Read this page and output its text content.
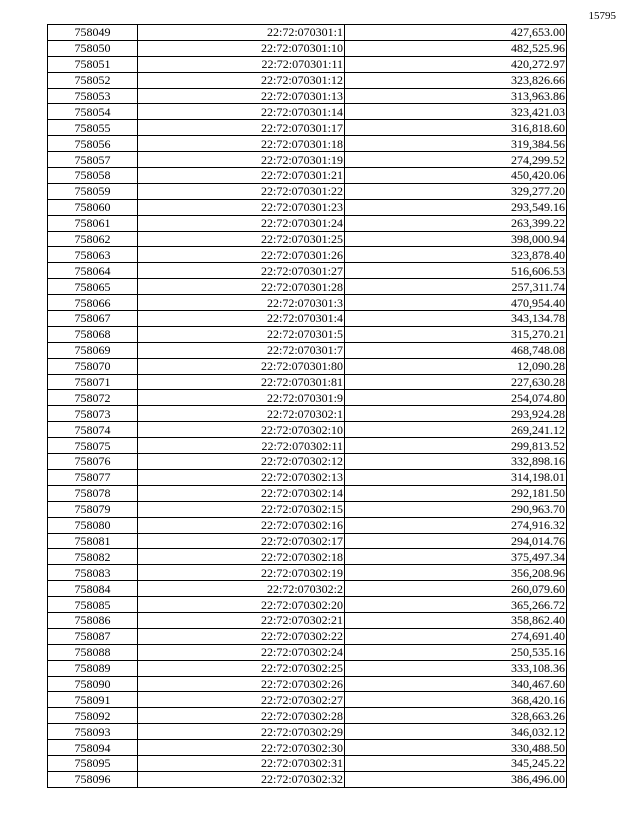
15795
758049	22:72:070301:1	427,653.00
758050	22:72:070301:10	482,525.96
758051	22:72:070301:11	420,272.97
758052	22:72:070301:12	323,826.66
758053	22:72:070301:13	313,963.86
758054	22:72:070301:14	323,421.03
758055	22:72:070301:17	316,818.60
758056	22:72:070301:18	319,384.56
758057	22:72:070301:19	274,299.52
758058	22:72:070301:21	450,420.06
758059	22:72:070301:22	329,277.20
758060	22:72:070301:23	293,549.16
758061	22:72:070301:24	263,399.22
758062	22:72:070301:25	398,000.94
758063	22:72:070301:26	323,878.40
758064	22:72:070301:27	516,606.53
758065	22:72:070301:28	257,311.74
758066	22:72:070301:3	470,954.40
758067	22:72:070301:4	343,134.78
758068	22:72:070301:5	315,270.21
758069	22:72:070301:7	468,748.08
758070	22:72:070301:80	12,090.28
758071	22:72:070301:81	227,630.28
758072	22:72:070301:9	254,074.80
758073	22:72:070302:1	293,924.28
758074	22:72:070302:10	269,241.12
758075	22:72:070302:11	299,813.52
758076	22:72:070302:12	332,898.16
758077	22:72:070302:13	314,198.01
758078	22:72:070302:14	292,181.50
758079	22:72:070302:15	290,963.70
758080	22:72:070302:16	274,916.32
758081	22:72:070302:17	294,014.76
758082	22:72:070302:18	375,497.34
758083	22:72:070302:19	356,208.96
758084	22:72:070302:2	260,079.60
758085	22:72:070302:20	365,266.72
758086	22:72:070302:21	358,862.40
758087	22:72:070302:22	274,691.40
758088	22:72:070302:24	250,535.16
758089	22:72:070302:25	333,108.36
758090	22:72:070302:26	340,467.60
758091	22:72:070302:27	368,420.16
758092	22:72:070302:28	328,663.26
758093	22:72:070302:29	346,032.12
758094	22:72:070302:30	330,488.50
758095	22:72:070302:31	345,245.22
758096	22:72:070302:32	386,496.00
